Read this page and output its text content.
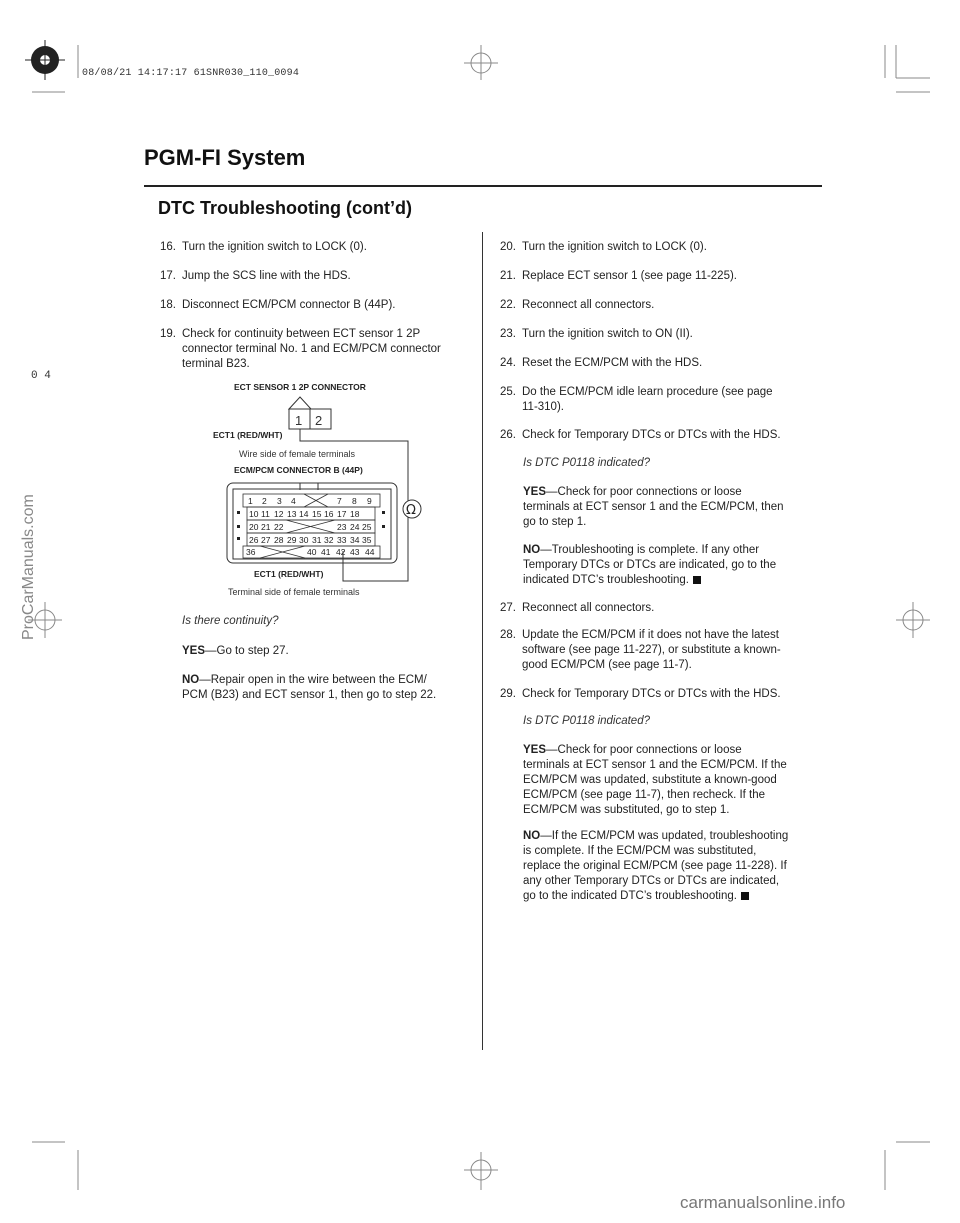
08/08/21 14:17:17 61SNR030_110_0094
PGM-FI System
DTC Troubleshooting (cont’d)
0 4
16. Turn the ignition switch to LOCK (0).
17. Jump the SCS line with the HDS.
18. Disconnect ECM/PCM connector B (44P).
19. Check for continuity between ECT sensor 1 2P
connector terminal No. 1 and ECM/PCM connector
terminal B23.
1 2
1 2 3 4	7 8 9
10 11 12 13 14 15 16 17 18
20 21 22	23 24 25
26 27 28 29 30 31 32 33 34 35
36	40 41 42 43 44
Ω
ECT SENSOR 1 2P CONNECTOR
ECT1 (RED/WHT)
Wire side of female terminals
ECM/PCM CONNECTOR B (44P)
ECT1 (RED/WHT)
Terminal side of female terminals
Is there continuity?
YES—Go to step 27.
NO—Repair open in the wire between the ECM/
PCM (B23) and ECT sensor 1, then go to step 22.
20. Turn the ignition switch to LOCK (0).
21. Replace ECT sensor 1 (see page 11-225).
22. Reconnect all connectors.
23. Turn the ignition switch to ON (II).
24. Reset the ECM/PCM with the HDS.
25. Do the ECM/PCM idle learn procedure (see page
11-310).
26. Check for Temporary DTCs or DTCs with the HDS.
Is DTC P0118 indicated?
YES—Check for poor connections or loose
terminals at ECT sensor 1 and the ECM/PCM, then
go to step 1.
NO—Troubleshooting is complete. If any other
Temporary DTCs or DTCs are indicated, go to the
indicated DTC’s troubleshooting.
27. Reconnect all connectors.
28. Update the ECM/PCM if it does not have the latest
software (see page 11-227), or substitute a known-
good ECM/PCM (see page 11-7).
29. Check for Temporary DTCs or DTCs with the HDS.
Is DTC P0118 indicated?
YES—Check for poor connections or loose
terminals at ECT sensor 1 and the ECM/PCM. If the
ECM/PCM was updated, substitute a known-good
ECM/PCM (see page 11-7), then recheck. If the
ECM/PCM was substituted, go to step 1.
NO—If the ECM/PCM was updated, troubleshooting
is complete. If the ECM/PCM was substituted,
replace the original ECM/PCM (see page 11-228). If
any other Temporary DTCs or DTCs are indicated,
go to the indicated DTC’s troubleshooting.
ProCarManuals.com
carmanualsonline.info
